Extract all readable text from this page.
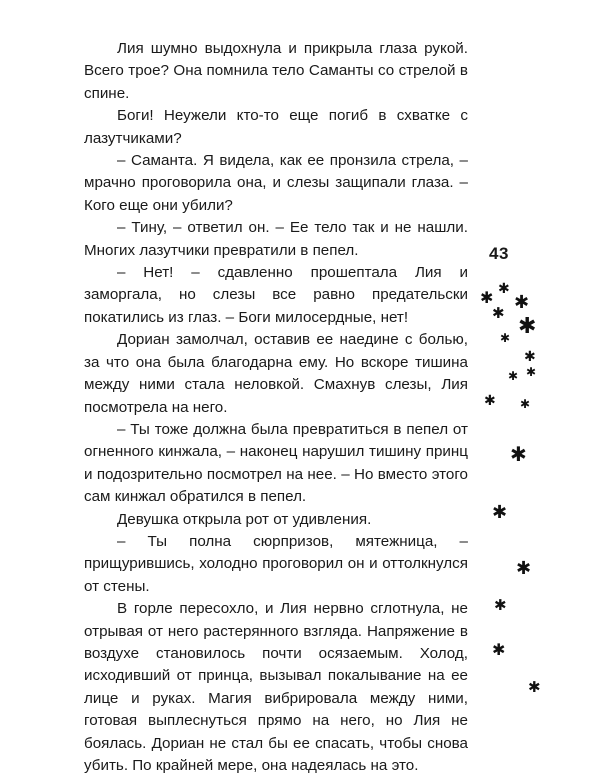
Лия шумно выдохнула и прикрыла глаза рукой. Всего трое? Она помнила тело Саманты со стрелой в спине.

Боги! Неужели кто-то еще погиб в схватке с лазутчиками?

– Саманта. Я видела, как ее пронзила стрела, – мрачно проговорила она, и слезы защипали глаза. – Кого еще они убили?

– Тину, – ответил он. – Ее тело так и не нашли. Многих лазутчики превратили в пепел.

– Нет! – сдавленно прошептала Лия и заморгала, но слезы все равно предательски покатились из глаз. – Боги милосердные, нет!

Дориан замолчал, оставив ее наедине с болью, за что она была благодарна ему. Но вскоре тишина между ними стала неловкой. Смахнув слезы, Лия посмотрела на него.

– Ты тоже должна была превратиться в пепел от огненного кинжала, – наконец нарушил тишину принц и подозрительно посмотрел на нее. – Но вместо этого сам кинжал обратился в пепел.

Девушка открыла рот от удивления.

– Ты полна сюрпризов, мятежница, – прищурившись, холодно проговорил он и оттолкнулся от стены.

В горле пересохло, и Лия нервно сглотнула, не отрывая от него растерянного взгляда. Напряжение в воздухе становилось почти осязаемым. Холод, исходивший от принца, вызывал покалывание на ее лице и руках. Магия вибрировала между ними, готовая выплеснуться прямо на него, но Лия не боялась. Дориан не стал бы ее спасать, чтобы снова убить. По крайней мере, она надеялась на это.

43
✱ ✱
✱
✱
✱
✱
✱
✱ ✱
✱ ✱
✱
✱
✱
✱
✱
✱
